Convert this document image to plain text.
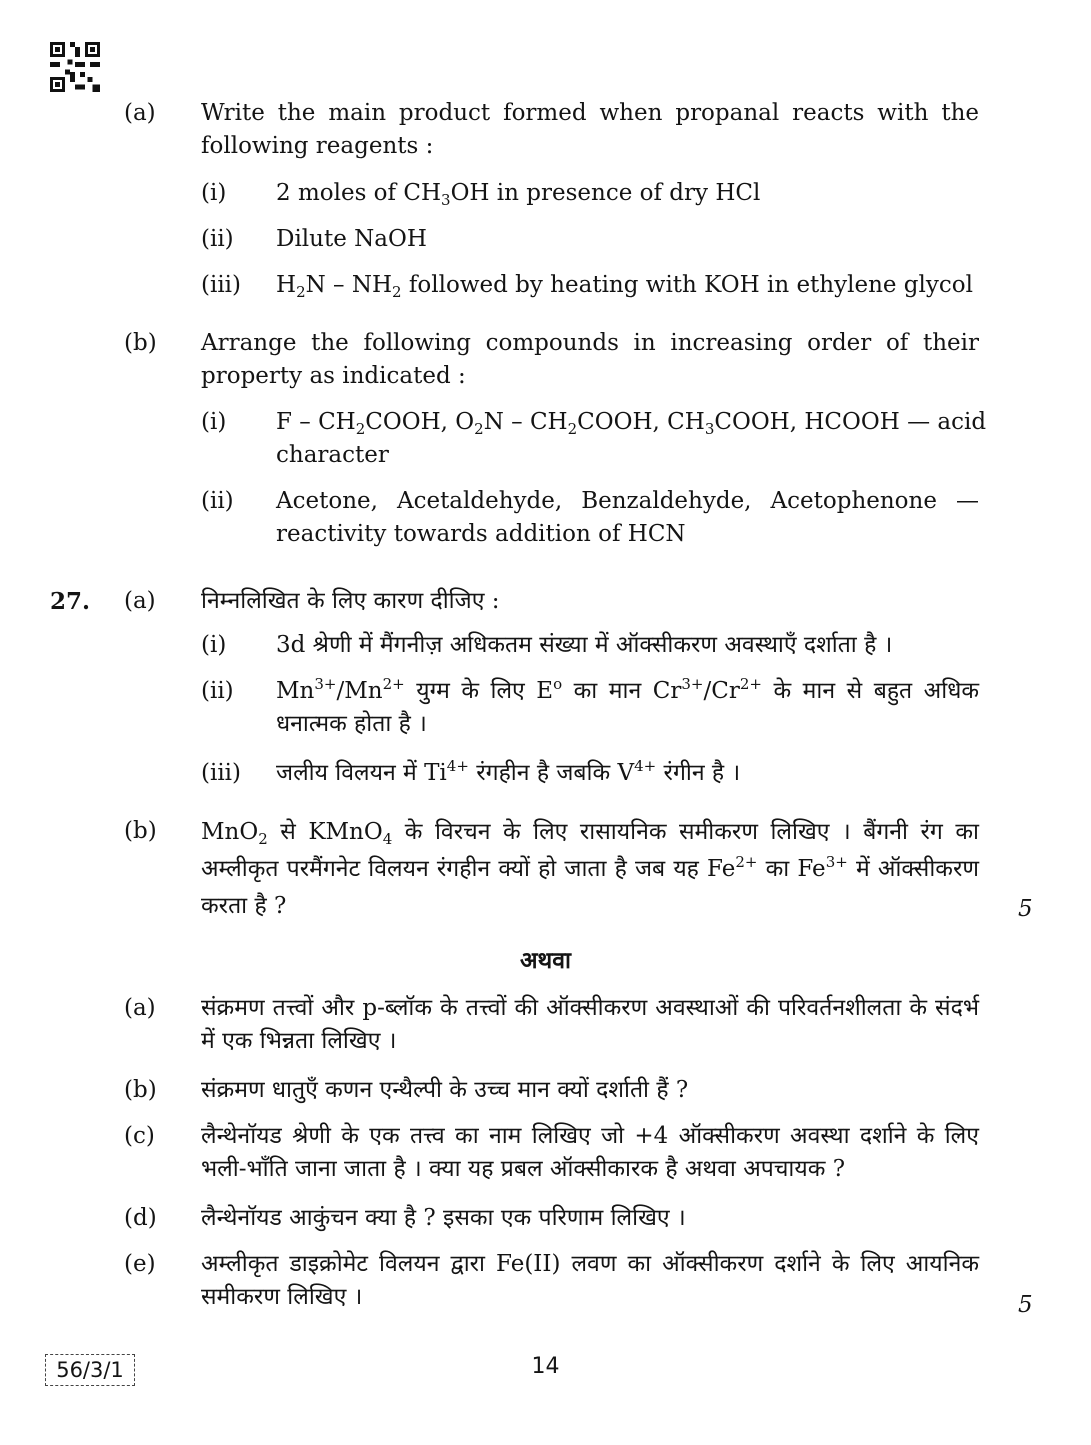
(a)	Write the main product formed when propanal reacts with the following reagents :
(i)	2 moles of $CH_3OH$ in presence of dry HCl
(ii)	Dilute NaOH
(iii)	$H_2N - NH_2$ followed by heating with KOH in ethylene glycol
(b)	Arrange the following compounds in increasing order of their property as indicated :
(i)	F – $CH_2COOH$, $O_2N$ – $CH_2COOH$, $CH_3COOH$, HCOOH — acid character
(ii)	Acetone, Acetaldehyde, Benzaldehyde, Acetophenone — reactivity towards addition of HCN
27. (a)	निम्नलिखित के लिए कारण दीजिए :
(i)	3d श्रेणी में मैंगनीज़ अधिकतम संख्या में ऑक्सीकरण अवस्थाएँ दर्शाता है ।
(ii)	$Mn^{3+}/Mn^{2+}$ युग्म के लिए $E^o$ का मान $Cr^{3+}/Cr^{2+}$ के मान से बहुत अधिक धनात्मक होता है ।
(iii)	जलीय विलयन में $Ti^{4+}$ रंगहीन है जबकि $V^{4+}$ रंगीन है ।
(b)	MnO$_2$ से KMnO$_4$ के विरचन के लिए रासायनिक समीकरण लिखिए । बैंगनी रंग का अम्लीकृत परमैंगनेट विलयन रंगहीन क्यों हो जाता है जब यह $Fe^{2+}$ का $Fe^{3+}$ में ऑक्सीकरण करता है ?	5
अथवा
(a)	संक्रमण तत्त्वों और p-ब्लॉक के तत्त्वों की ऑक्सीकरण अवस्थाओं की परिवर्तनशीलता के संदर्भ में एक भिन्नता लिखिए ।
(b)	संक्रमण धातुएँ कणन एन्थैल्पी के उच्च मान क्यों दर्शाती हैं ?
(c)	लैन्थेनॉयड श्रेणी के एक तत्त्व का नाम लिखिए जो +4 ऑक्सीकरण अवस्था दर्शाने के लिए भली-भाँति जाना जाता है । क्या यह प्रबल ऑक्सीकारक है अथवा अपचायक ?
(d)	लैन्थेनॉयड आकुंचन क्या है ? इसका एक परिणाम लिखिए ।
(e)	अम्लीकृत डाइक्रोमेट विलयन द्वारा Fe(II) लवण का ऑक्सीकरण दर्शाने के लिए आयनिक समीकरण लिखिए ।	5
56/3/1	14
